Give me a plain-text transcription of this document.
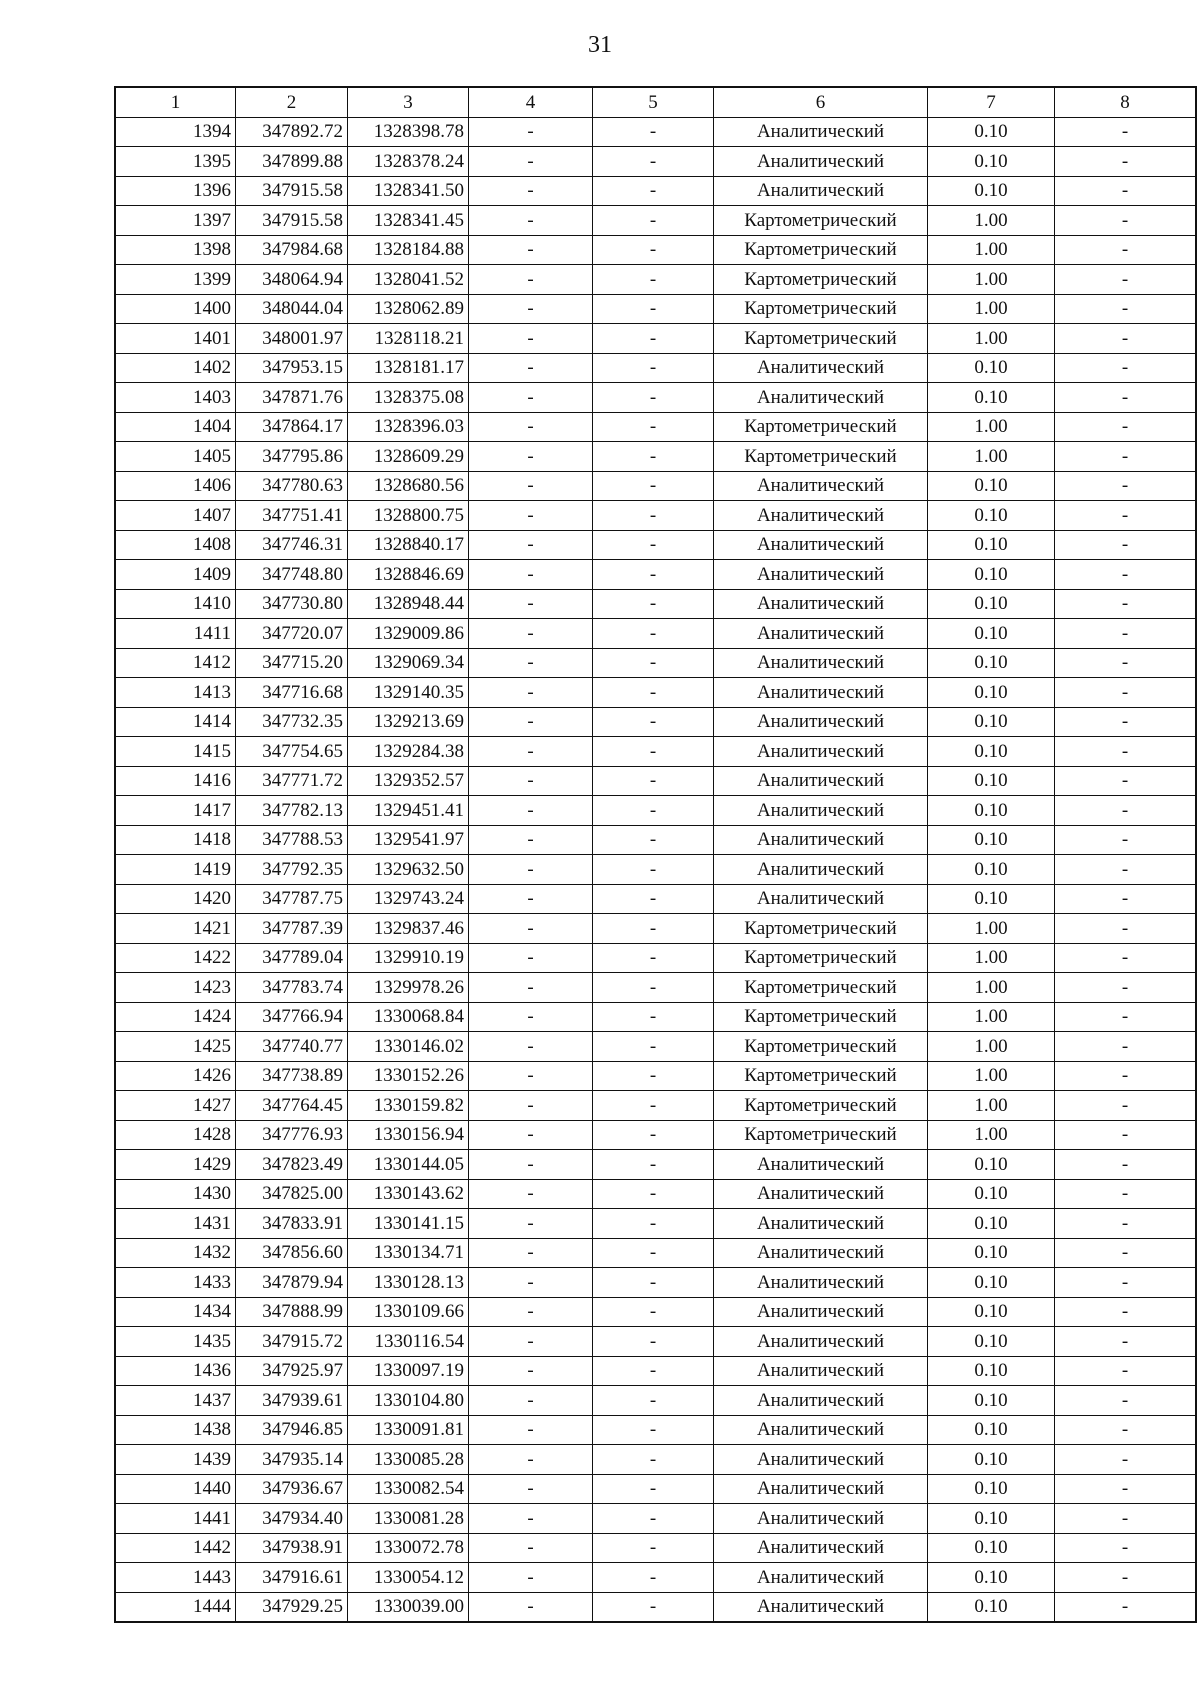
31
1	2	3	4	5	6	7	8
1394	347892.72	1328398.78	-	-	Аналитический	0.10	-
1395	347899.88	1328378.24	-	-	Аналитический	0.10	-
1396	347915.58	1328341.50	-	-	Аналитический	0.10	-
1397	347915.58	1328341.45	-	-	Картометрический	1.00	-
1398	347984.68	1328184.88	-	-	Картометрический	1.00	-
1399	348064.94	1328041.52	-	-	Картометрический	1.00	-
1400	348044.04	1328062.89	-	-	Картометрический	1.00	-
1401	348001.97	1328118.21	-	-	Картометрический	1.00	-
1402	347953.15	1328181.17	-	-	Аналитический	0.10	-
1403	347871.76	1328375.08	-	-	Аналитический	0.10	-
1404	347864.17	1328396.03	-	-	Картометрический	1.00	-
1405	347795.86	1328609.29	-	-	Картометрический	1.00	-
1406	347780.63	1328680.56	-	-	Аналитический	0.10	-
1407	347751.41	1328800.75	-	-	Аналитический	0.10	-
1408	347746.31	1328840.17	-	-	Аналитический	0.10	-
1409	347748.80	1328846.69	-	-	Аналитический	0.10	-
1410	347730.80	1328948.44	-	-	Аналитический	0.10	-
1411	347720.07	1329009.86	-	-	Аналитический	0.10	-
1412	347715.20	1329069.34	-	-	Аналитический	0.10	-
1413	347716.68	1329140.35	-	-	Аналитический	0.10	-
1414	347732.35	1329213.69	-	-	Аналитический	0.10	-
1415	347754.65	1329284.38	-	-	Аналитический	0.10	-
1416	347771.72	1329352.57	-	-	Аналитический	0.10	-
1417	347782.13	1329451.41	-	-	Аналитический	0.10	-
1418	347788.53	1329541.97	-	-	Аналитический	0.10	-
1419	347792.35	1329632.50	-	-	Аналитический	0.10	-
1420	347787.75	1329743.24	-	-	Аналитический	0.10	-
1421	347787.39	1329837.46	-	-	Картометрический	1.00	-
1422	347789.04	1329910.19	-	-	Картометрический	1.00	-
1423	347783.74	1329978.26	-	-	Картометрический	1.00	-
1424	347766.94	1330068.84	-	-	Картометрический	1.00	-
1425	347740.77	1330146.02	-	-	Картометрический	1.00	-
1426	347738.89	1330152.26	-	-	Картометрический	1.00	-
1427	347764.45	1330159.82	-	-	Картометрический	1.00	-
1428	347776.93	1330156.94	-	-	Картометрический	1.00	-
1429	347823.49	1330144.05	-	-	Аналитический	0.10	-
1430	347825.00	1330143.62	-	-	Аналитический	0.10	-
1431	347833.91	1330141.15	-	-	Аналитический	0.10	-
1432	347856.60	1330134.71	-	-	Аналитический	0.10	-
1433	347879.94	1330128.13	-	-	Аналитический	0.10	-
1434	347888.99	1330109.66	-	-	Аналитический	0.10	-
1435	347915.72	1330116.54	-	-	Аналитический	0.10	-
1436	347925.97	1330097.19	-	-	Аналитический	0.10	-
1437	347939.61	1330104.80	-	-	Аналитический	0.10	-
1438	347946.85	1330091.81	-	-	Аналитический	0.10	-
1439	347935.14	1330085.28	-	-	Аналитический	0.10	-
1440	347936.67	1330082.54	-	-	Аналитический	0.10	-
1441	347934.40	1330081.28	-	-	Аналитический	0.10	-
1442	347938.91	1330072.78	-	-	Аналитический	0.10	-
1443	347916.61	1330054.12	-	-	Аналитический	0.10	-
1444	347929.25	1330039.00	-	-	Аналитический	0.10	-
